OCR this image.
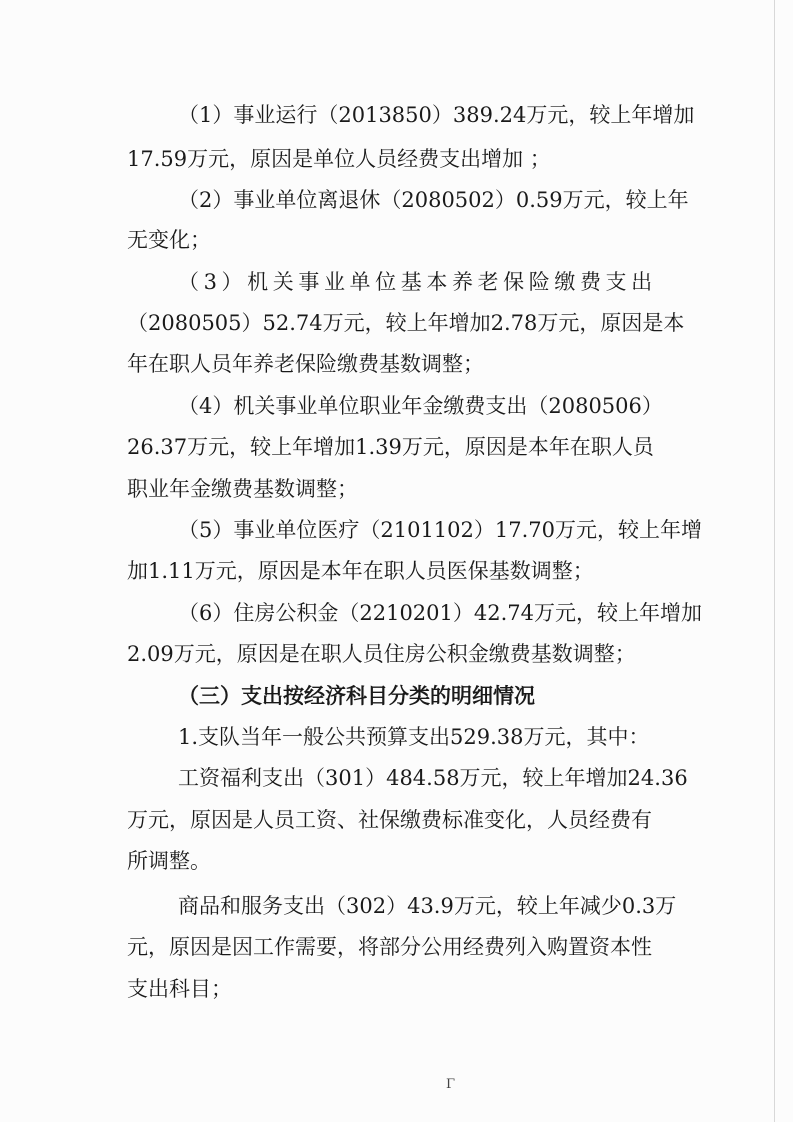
（1）事业运行（2013850）389.24万元，较上年增加
17.59万元，原因是单位人员经费支出增加 ；
（2）事业单位离退休（2080502）0.59万元，较上年
无变化；
（3）机关事业单位基本养老保险缴费支出
（2080505）52.74万元，较上年增加2.78万元，原因是本
年在职人员年养老保险缴费基数调整；
（4）机关事业单位职业年金缴费支出（2080506）
26.37万元，较上年增加1.39万元，原因是本年在职人员
职业年金缴费基数调整；
（5）事业单位医疗（2101102）17.70万元，较上年增
加1.11万元，原因是本年在职人员医保基数调整；
（6）住房公积金（2210201）42.74万元，较上年增加
2.09万元，原因是在职人员住房公积金缴费基数调整；
（三）支出按经济科目分类的明细情况
1.支队当年一般公共预算支出529.38万元，其中：
工资福利支出（301）484.58万元，较上年增加24.36
万元，原因是人员工资、社保缴费标准变化，人员经费有
所调整。
商品和服务支出（302）43.9万元，较上年减少0.3万
元，原因是因工作需要，将部分公用经费列入购置资本性
支出科目；
Γ
